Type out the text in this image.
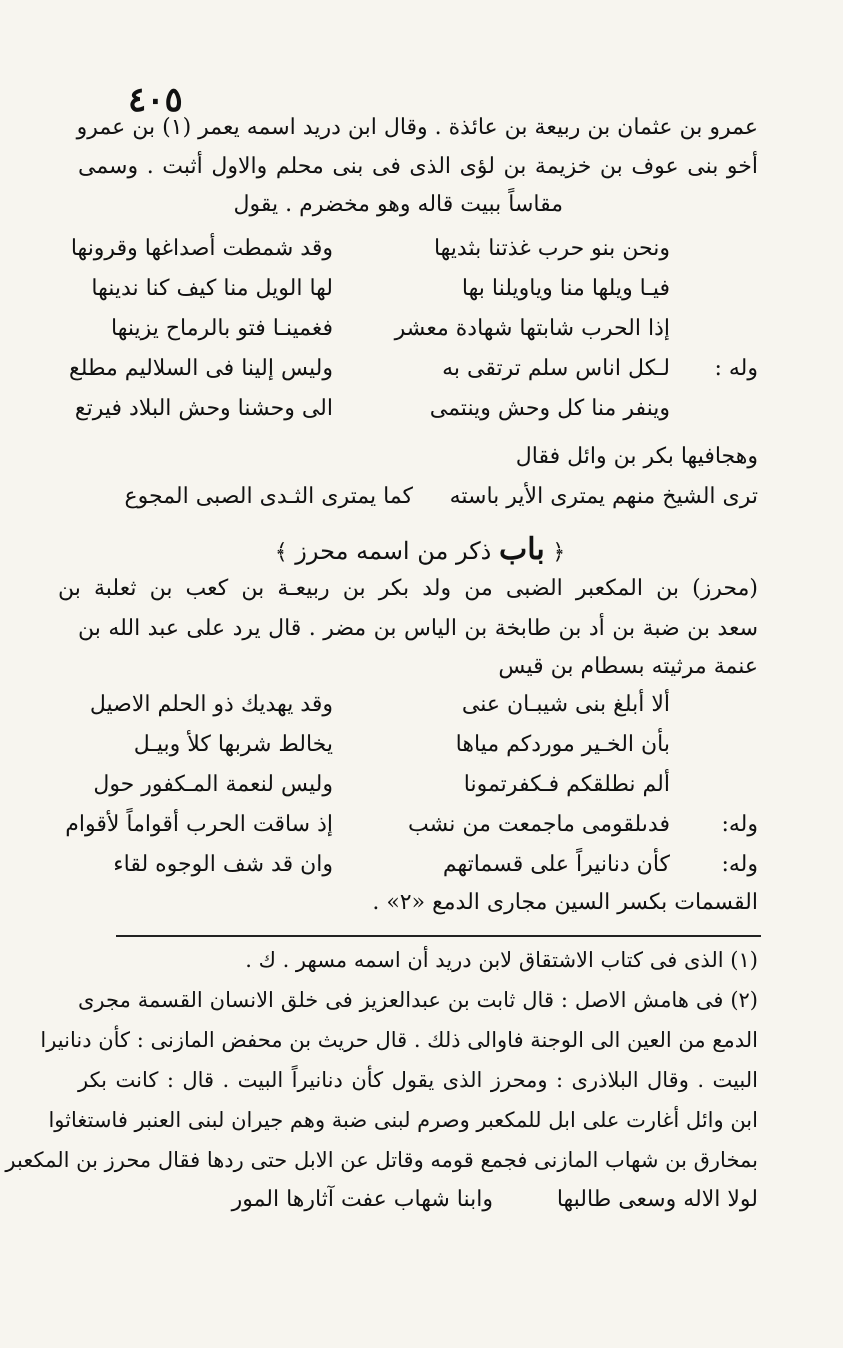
٤٠٥
عمرو بن عثمان بن ربيعة بن عائذة . وقال ابن دريد اسمه يعمر (١) بن عمرو
أخو بنى عوف بن خزيمة بن لؤى الذى فى بنى محلم والاول أثبت . وسمى
مقاساً ببيت قاله وهو مخضرم . يقول
ونحن بنو حرب غذتنا بثديها
وقد شمطت أصداغها وقرونها
فيـا ويلها منا وياويلنا بها
لها الويل منا كيف كنا ندينها
إذا الحرب شابتها شهادة معشر
فغمينـا فتو بالرماح يزينها
وله :
لـكل اناس سلم ترتقى به
وليس إلينا فى السلاليم مطلع
وينفر منا كل وحش وينتمى
الى وحشنا وحش البلاد فيرتع
وهجافيها بكر بن وائل فقال
ترى الشيخ منهم يمترى الأير باسته
كما يمترى الثـدى الصبى المجوع
﴿ باب ذكر من اسمه محرز ﴾
(محرز) بن المكعبر الضبى من ولد بكر بن ربيعـة بن كعب بن ثعلبة بن
سعد بن ضبة بن أد بن طابخة بن الياس بن مضر . قال يرد على عبد الله بن
عنمة مرثيته بسطام بن قيس
ألا أبلغ بنى شيبـان عنى
وقد يهديك ذو الحلم الاصيل
بأن الخـير موردكم مياها
يخالط شربها كلأ وبيـل
ألم نطلقكم فـكفرتمونا
وليس لنعمة المـكفور حول
وله:
فدىلقومى ماجمعت من نشب
إذ ساقت الحرب أقواماً لأقوام
وله:
كأن دنانيراً على قسماتهم
وان قد شف الوجوه لقاء
القسمات بكسر السين مجارى الدمع «٢» .
(١) الذى فى كتاب الاشتقاق لابن دريد أن اسمه مسهر . ك .
(٢) فى هامش الاصل : قال ثابت بن عبدالعزيز فى خلق الانسان القسمة مجرى
الدمع من العين الى الوجنة فاوالى ذلك . قال حريث بن محفض المازنى : كأن دنانيرا
البيت . وقال البلاذرى : ومحرز الذى يقول كأن دنانيراً البيت . قال : كانت بكر
ابن وائل أغارت على ابل للمكعبر وصرم لبنى ضبة وهم جيران لبنى العنبر فاستغاثوا
بمخارق بن شهاب المازنى فجمع قومه وقاتل عن الابل حتى ردها فقال محرز بن المكعبر
لولا الاله وسعى طالبها
وابنا شهاب عفت آثارها المور
